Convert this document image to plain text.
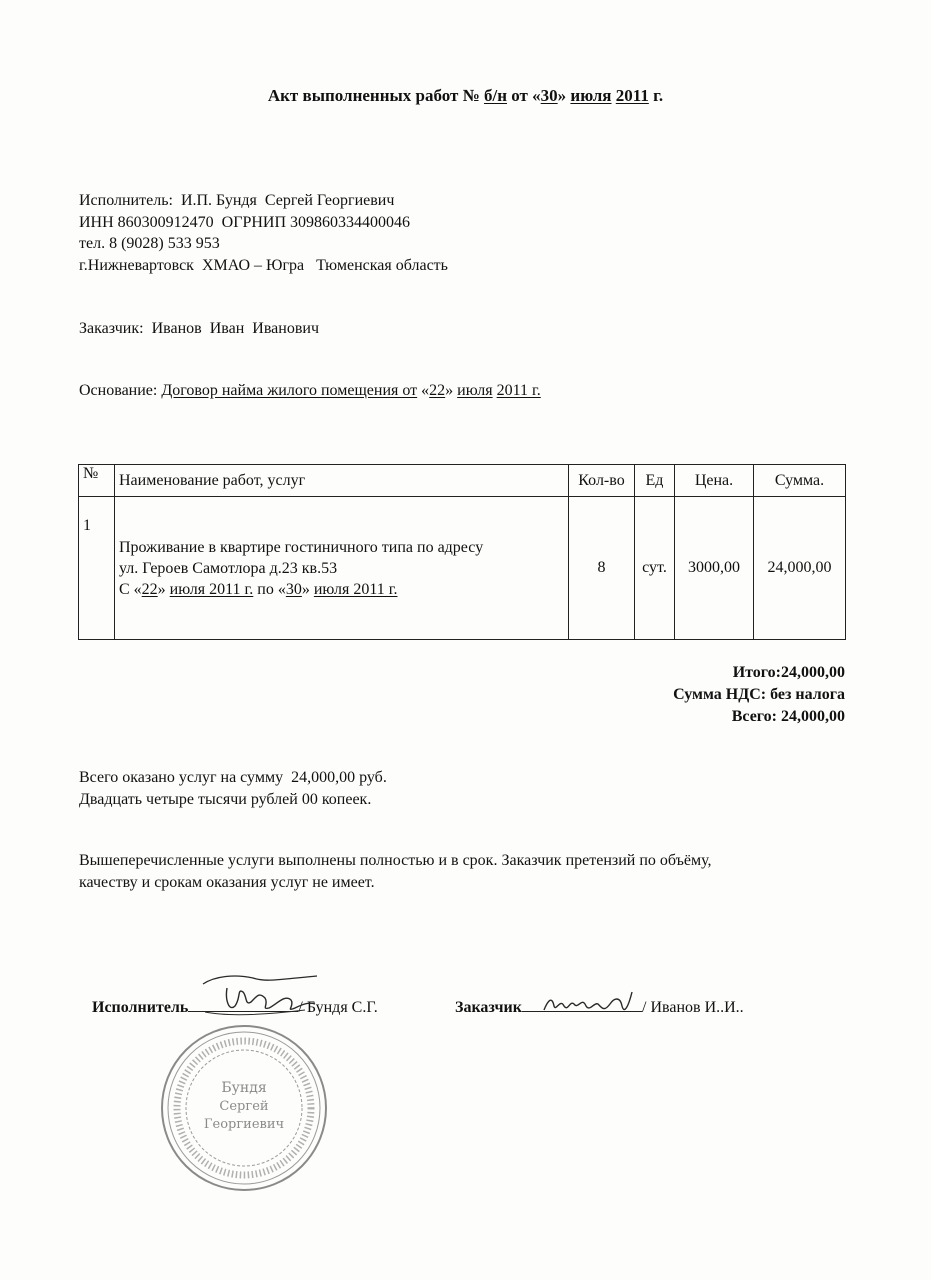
Акт выполненных работ № б/н от «30» июля 2011 г.
Исполнитель:  И.П. Бундя  Сергей Георгиевич
ИНН 860300912470  ОГРНИП 309860334400046
тел. 8 (9028) 533 953
г.Нижневартовск  ХМАО – Югра   Тюменская область
Заказчик:  Иванов  Иван  Иванович
Основание: Договор найма жилого помещения от «22» июля 2011 г.
№	Наименование работ, услуг	Кол-во	Ед	Цена.	Сумма.
1	Проживание в квартире гостиничного типа по адресу
ул. Героев Самотлора д.23 кв.53
С «22» июля 2011 г. по «30» июля 2011 г.	8	сут.	3000,00	24,000,00
Итого:24,000,00
Сумма НДС: без налога
Всего: 24,000,00
Всего оказано услуг на сумму  24,000,00 руб.
Двадцать четыре тысячи рублей 00 копеек.
Вышеперечисленные услуги выполнены полностью и в срок. Заказчик претензий по объёму,
качеству и срокам оказания услуг не имеет.
Исполнитель	/ Бундя С.Г.	Заказчик	/ Иванов И..И..
Бундя
Сергей
Георгиевич
